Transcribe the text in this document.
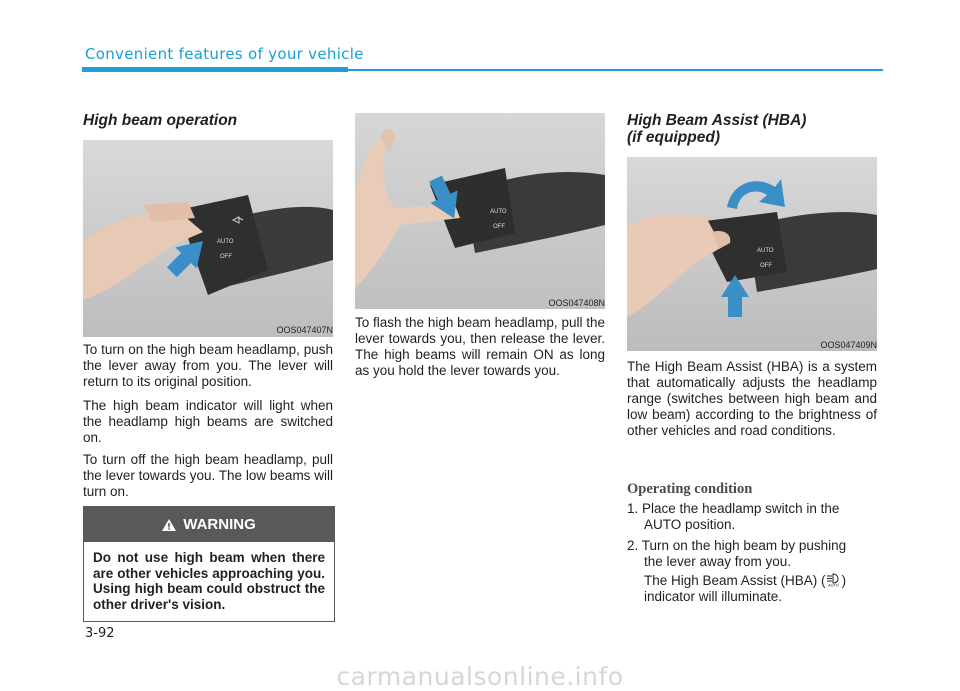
Convenient features of your vehicle
High beam operation
AUTO
OFF
OOS047407N

To turn on the high beam headlamp, push the lever away from you. The lever will return to its original position.

The high beam indicator will light when the headlamp high beams are switched on.

To turn off the high beam headlamp, pull the lever towards you. The low beams will turn on.

WARNING
Do not use high beam when there are other vehicles approaching you. Using high beam could obstruct the other driver's vision.
AUTO
OFF
OOS047408N

To flash the high beam headlamp, pull the lever towards you, then release the lever. The high beams will remain ON as long as you hold the lever towards you.

High Beam Assist (HBA)
(if equipped)
AUTO
OFF
OOS047409N

The High Beam Assist (HBA) is a system that automatically adjusts the headlamp range (switches between high beam and low beam) according to the brightness of other vehicles and road conditions.

Operating condition
1. Place the headlamp switch in the
AUTO position.
2. Turn on the high beam by pushing
the lever away from you.
The High Beam Assist (HBA) ( AUTO )
indicator will illuminate.
3-92
carmanualsonline.info
